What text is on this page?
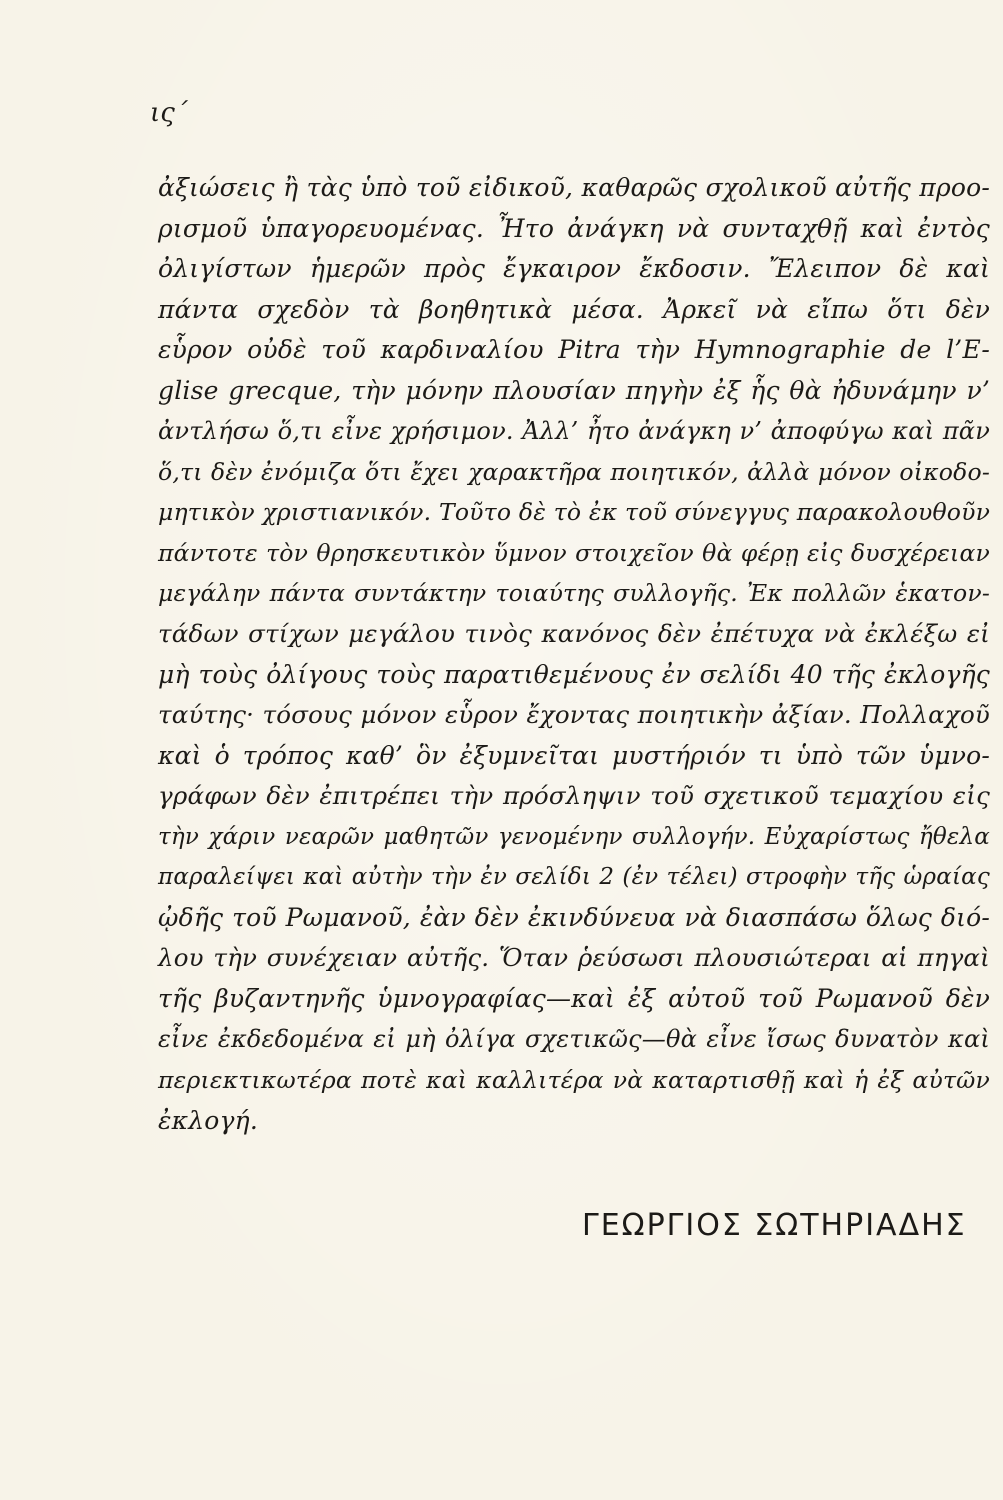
ις΄
ἀξιώσεις ἢ τὰς ὑπὸ τοῦ εἰδικοῦ, καθαρῶς σχολικοῦ αὐτῆς προο-
ρισμοῦ ὑπαγορευομένας. Ἦτο ἀνάγκη νὰ συνταχθῇ καὶ ἐντὸς
ὀλιγίστων ἡμερῶν πρὸς ἔγκαιρον ἔκδοσιν. Ἔλειπον δὲ καὶ
πάντα σχεδὸν τὰ βοηθητικὰ μέσα. Ἀρκεῖ νὰ εἴπω ὅτι δὲν
εὗρον οὐδὲ τοῦ καρδιναλίου Pitra τὴν Hymnographie de l’E-
glise grecque, τὴν μόνην πλουσίαν πηγὴν ἐξ ἧς θὰ ἠδυνάμην ν’
ἀντλήσω ὅ,τι εἶνε χρήσιμον. Ἀλλ’ ἦτο ἀνάγκη ν’ ἀποφύγω καὶ πᾶν
ὅ,τι δὲν ἐνόμιζα ὅτι ἔχει χαρακτῆρα ποιητικόν, ἀλλὰ μόνον οἰκοδο-
μητικὸν χριστιανικόν. Τοῦτο δὲ τὸ ἐκ τοῦ σύνεγγυς παρακολουθοῦν
πάντοτε τὸν θρησκευτικὸν ὕμνον στοιχεῖον θὰ φέρῃ εἰς δυσχέρειαν
μεγάλην πάντα συντάκτην τοιαύτης συλλογῆς. Ἐκ πολλῶν ἑκατον-
τάδων στίχων μεγάλου τινὸς κανόνος δὲν ἐπέτυχα νὰ ἐκλέξω εἰ
μὴ τοὺς ὀλίγους τοὺς παρατιθεμένους ἐν σελίδι 40 τῆς ἐκλογῆς
ταύτης· τόσους μόνον εὗρον ἔχοντας ποιητικὴν ἀξίαν. Πολλαχοῦ
καὶ ὁ τρόπος καθ’ ὃν ἐξυμνεῖται μυστήριόν τι ὑπὸ τῶν ὑμνο-
γράφων δὲν ἐπιτρέπει τὴν πρόσληψιν τοῦ σχετικοῦ τεμαχίου εἰς
τὴν χάριν νεαρῶν μαθητῶν γενομένην συλλογήν. Εὐχαρίστως ἤθελα
παραλείψει καὶ αὐτὴν τὴν ἐν σελίδι 2 (ἐν τέλει) στροφὴν τῆς ὡραίας
ᾠδῆς τοῦ Ρωμανοῦ, ἐὰν δὲν ἐκινδύνευα νὰ διασπάσω ὅλως διό-
λου τὴν συνέχειαν αὐτῆς. Ὅταν ῥεύσωσι πλουσιώτεραι αἱ πηγαὶ
τῆς βυζαντηνῆς ὑμνογραφίας—καὶ ἐξ αὐτοῦ τοῦ Ρωμανοῦ δὲν
εἶνε ἐκδεδομένα εἰ μὴ ὀλίγα σχετικῶς—θὰ εἶνε ἴσως δυνατὸν καὶ
περιεκτικωτέρα ποτὲ καὶ καλλιτέρα νὰ καταρτισθῇ καὶ ἡ ἐξ αὐτῶν
ἐκλογή.
ΓΕΩΡΓΙΟΣ ΣΩΤΗΡΙΑΔΗΣ
